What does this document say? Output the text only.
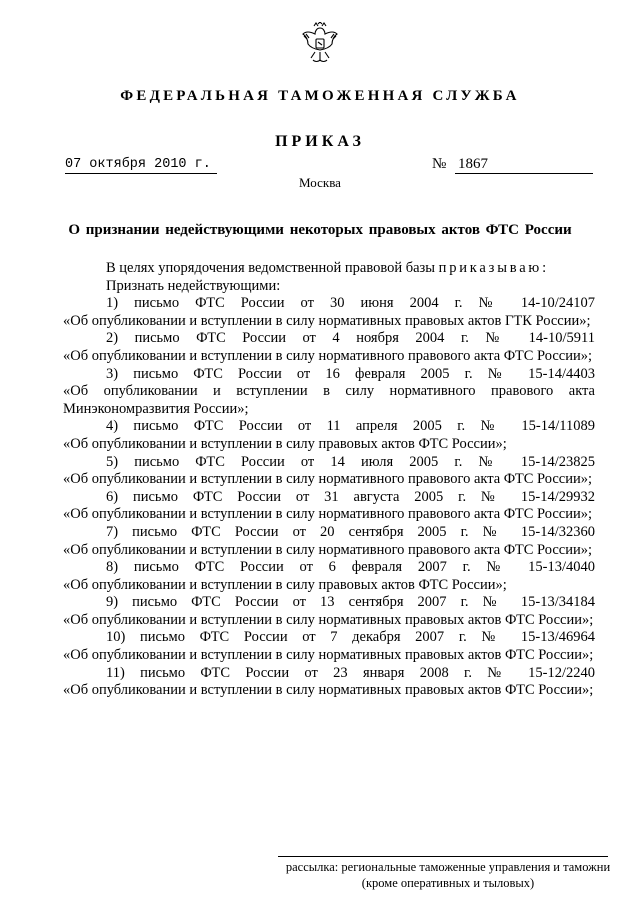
ФЕДЕРАЛЬНАЯ ТАМОЖЕННАЯ СЛУЖБА
ПРИКАЗ
07 октября 2010 г.	№ 1867
Москва
О признании недействующими некоторых правовых актов ФТС России
В целях упорядочения ведомственной правовой базы приказываю:
Признать недействующими:
1) письмо ФТС России от 30 июня 2004 г. № 14-10/24107
«Об опубликовании и вступлении в силу нормативных правовых актов ГТК России»;
2) письмо ФТС России от 4 ноября 2004 г. № 14-10/5911
«Об опубликовании и вступлении в силу нормативного правового акта ФТС России»;
3) письмо ФТС России от 16 февраля 2005 г. № 15-14/4403
«Об опубликовании и вступлении в силу нормативного правового акта Минэкономразвития России»;
4) письмо ФТС России от 11 апреля 2005 г. № 15-14/11089
«Об опубликовании и вступлении в силу правовых актов ФТС России»;
5) письмо ФТС России от 14 июля 2005 г. № 15-14/23825
«Об опубликовании и вступлении в силу нормативного правового акта ФТС России»;
6) письмо ФТС России от 31 августа 2005 г. № 15-14/29932
«Об опубликовании и вступлении в силу нормативного правового акта ФТС России»;
7) письмо ФТС России от 20 сентября 2005 г. № 15-14/32360
«Об опубликовании и вступлении в силу нормативного правового акта ФТС России»;
8) письмо ФТС России от 6 февраля 2007 г. № 15-13/4040
«Об опубликовании и вступлении в силу правовых актов ФТС России»;
9) письмо ФТС России от 13 сентября 2007 г. № 15-13/34184
«Об опубликовании и вступлении в силу нормативных правовых актов ФТС России»;
10) письмо ФТС России от 7 декабря 2007 г. № 15-13/46964
«Об опубликовании и вступлении в силу нормативных правовых актов ФТС России»;
11) письмо ФТС России от 23 января 2008 г. № 15-12/2240
«Об опубликовании и вступлении в силу нормативных правовых актов ФТС России»;
рассылка: региональные таможенные управления и таможни
(кроме оперативных и тыловых)
